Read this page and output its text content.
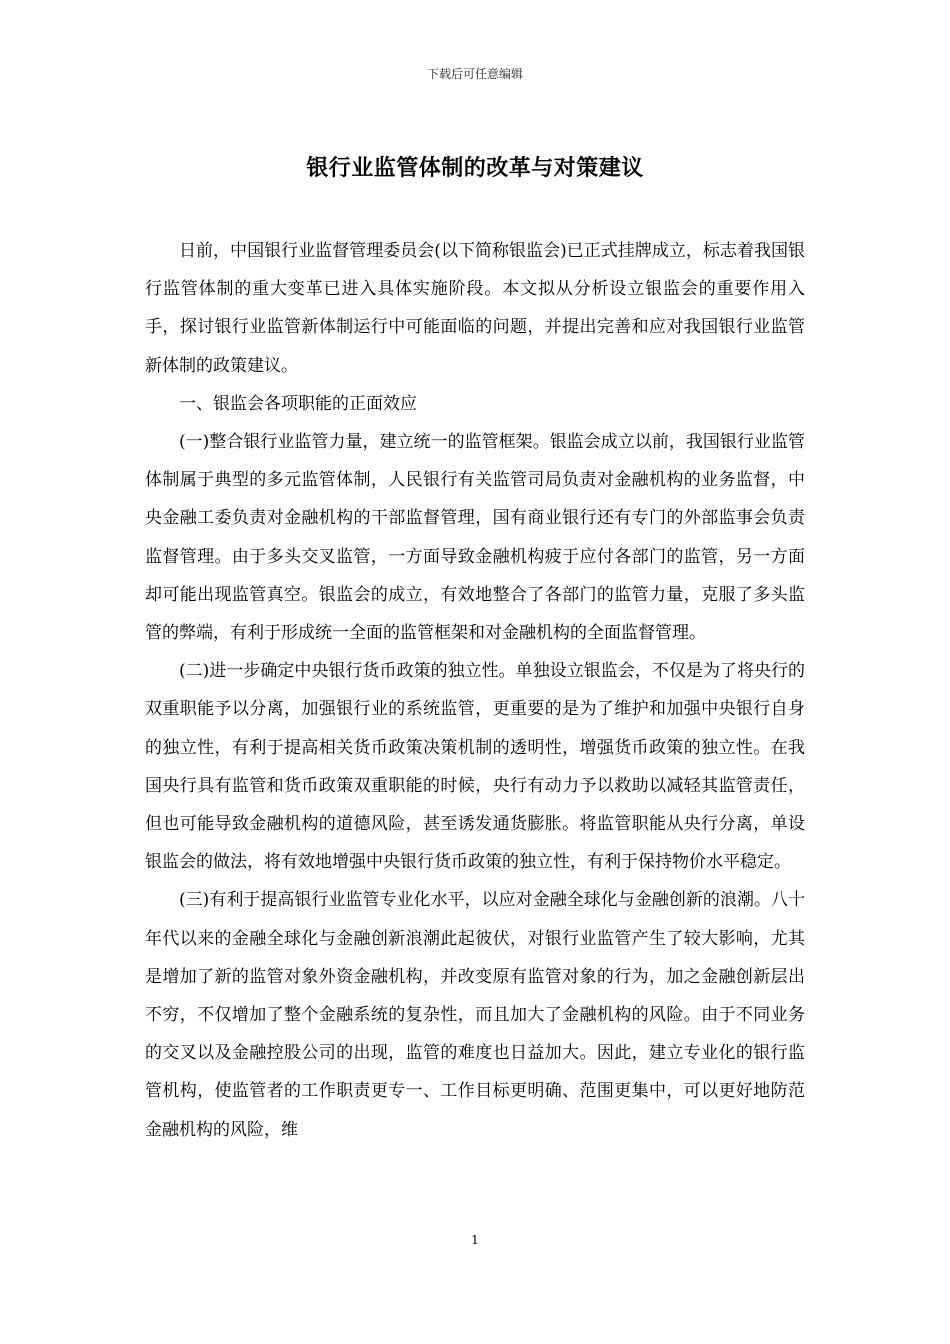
下载后可任意编辑
银行业监管体制的改革与对策建议

日前，中国银行业监督管理委员会(以下简称银监会)已正式挂牌成立，标志着我国银行监管体制的重大变革已进入具体实施阶段。本文拟从分析设立银监会的重要作用入手，探讨银行业监管新体制运行中可能面临的问题，并提出完善和应对我国银行业监管新体制的政策建议。

一、银监会各项职能的正面效应

(一)整合银行业监管力量，建立统一的监管框架。银监会成立以前，我国银行业监管体制属于典型的多元监管体制，人民银行有关监管司局负责对金融机构的业务监督，中央金融工委负责对金融机构的干部监督管理，国有商业银行还有专门的外部监事会负责监督管理。由于多头交叉监管，一方面导致金融机构疲于应付各部门的监管，另一方面却可能出现监管真空。银监会的成立，有效地整合了各部门的监管力量，克服了多头监管的弊端，有利于形成统一全面的监管框架和对金融机构的全面监督管理。

(二)进一步确定中央银行货币政策的独立性。单独设立银监会，不仅是为了将央行的双重职能予以分离，加强银行业的系统监管，更重要的是为了维护和加强中央银行自身的独立性，有利于提高相关货币政策决策机制的透明性，增强货币政策的独立性。在我国央行具有监管和货币政策双重职能的时候，央行有动力予以救助以减轻其监管责任，但也可能导致金融机构的道德风险，甚至诱发通货膨胀。将监管职能从央行分离，单设银监会的做法，将有效地增强中央银行货币政策的独立性，有利于保持物价水平稳定。

(三)有利于提高银行业监管专业化水平，以应对金融全球化与金融创新的浪潮。八十年代以来的金融全球化与金融创新浪潮此起彼伏，对银行业监管产生了较大影响，尤其是增加了新的监管对象外资金融机构，并改变原有监管对象的行为，加之金融创新层出不穷，不仅增加了整个金融系统的复杂性，而且加大了金融机构的风险。由于不同业务的交叉以及金融控股公司的出现，监管的难度也日益加大。因此，建立专业化的银行监管机构，使监管者的工作职责更专一、工作目标更明确、范围更集中，可以更好地防范金融机构的风险，维

1
